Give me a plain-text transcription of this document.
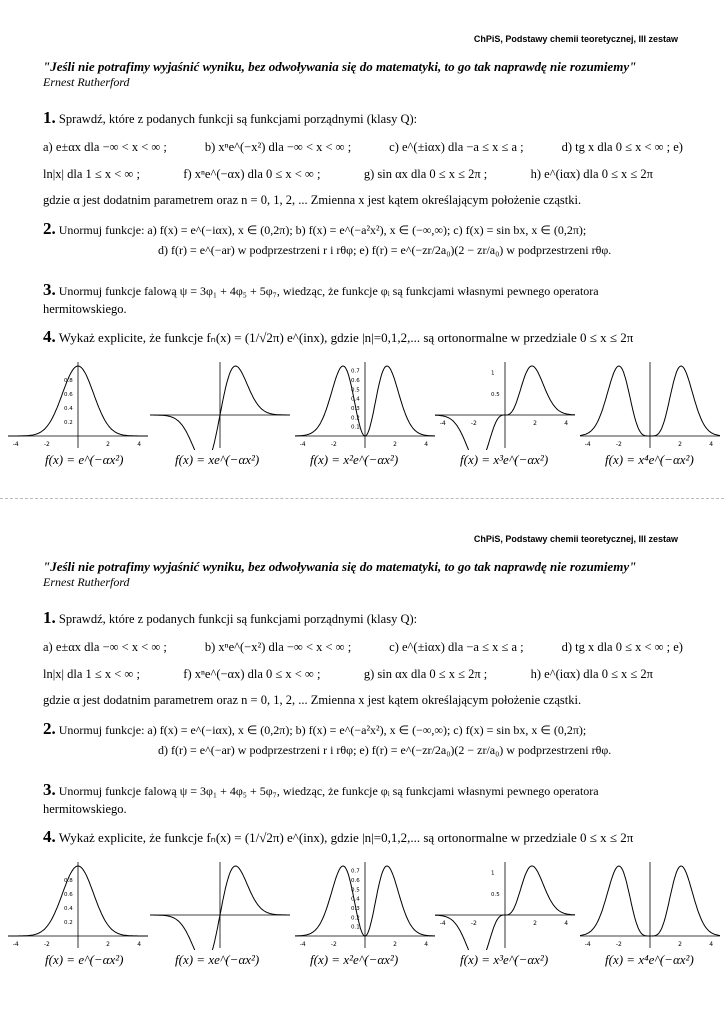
ChPiS, Podstawy chemii teoretycznej, III zestaw
"Jeśli nie potrafimy wyjaśnić wyniku, bez odwoływania się do matematyki, to go tak naprawdę nie rozumiemy"
Ernest Rutherford
1. Sprawdź, które z podanych funkcji są funkcjami porządnymi (klasy Q):
a) e±αx dla −∞ < x < ∞ ;	b) xⁿe^(−x²) dla −∞ < x < ∞ ;	c) e^(±iαx) dla −a ≤ x ≤ a ;	d) tg x dla 0 ≤ x < ∞ ; e)
ln|x| dla 1 ≤ x < ∞ ;	f) xⁿe^(−αx) dla 0 ≤ x < ∞ ;	g) sin αx dla 0 ≤ x ≤ 2π ;	h) e^(iαx) dla 0 ≤ x ≤ 2π
gdzie α jest dodatnim parametrem oraz n = 0, 1, 2, ... Zmienna x jest kątem określającym położenie cząstki.
2. Unormuj funkcje: a) f(x) = e^(−iαx), x ∈ (0,2π); b) f(x) = e^(−a²x²), x ∈ (−∞,∞); c) f(x) = sin bx, x ∈ (0,2π);
d) f(r) = e^(−ar) w podprzestrzeni r i rθφ; e) f(r) = e^(−zr/2a₀)(2 − zr/a₀) w podprzestrzeni rθφ.
3. Unormuj funkcje falową ψ = 3φ₁ + 4φ₅ + 5φ₇, wiedząc, że funkcje φᵢ są funkcjami własnymi pewnego operatora
hermitowskiego.
4. Wykaż explicite, że funkcje fₙ(x) = (1/√2π) e^(inx), gdzie |n|=0,1,2,... są ortonormalne w przedziale 0 ≤ x ≤ 2π
-4	-2	2	4
0.2
0.4
0.6
0.8
-4	-2	2	4
0.1
0.2
0.3
0.4
0.5
0.6
0.7
-4	-2	2	4
0.5
1
-4	-2	2	4
f(x) = e^(−αx²)	f(x) = xe^(−αx²)	f(x) = x²e^(−αx²)	f(x) = x³e^(−αx²)	f(x) = x⁴e^(−αx²)
ChPiS, Podstawy chemii teoretycznej, III zestaw
"Jeśli nie potrafimy wyjaśnić wyniku, bez odwoływania się do matematyki, to go tak naprawdę nie rozumiemy"
Ernest Rutherford
1. Sprawdź, które z podanych funkcji są funkcjami porządnymi (klasy Q):
a) e±αx dla −∞ < x < ∞ ;	b) xⁿe^(−x²) dla −∞ < x < ∞ ;	c) e^(±iαx) dla −a ≤ x ≤ a ;	d) tg x dla 0 ≤ x < ∞ ; e)
ln|x| dla 1 ≤ x < ∞ ;	f) xⁿe^(−αx) dla 0 ≤ x < ∞ ;	g) sin αx dla 0 ≤ x ≤ 2π ;	h) e^(iαx) dla 0 ≤ x ≤ 2π
gdzie α jest dodatnim parametrem oraz n = 0, 1, 2, ... Zmienna x jest kątem określającym położenie cząstki.
2. Unormuj funkcje: a) f(x) = e^(−iαx), x ∈ (0,2π); b) f(x) = e^(−a²x²), x ∈ (−∞,∞); c) f(x) = sin bx, x ∈ (0,2π);
d) f(r) = e^(−ar) w podprzestrzeni r i rθφ; e) f(r) = e^(−zr/2a₀)(2 − zr/a₀) w podprzestrzeni rθφ.
3. Unormuj funkcje falową ψ = 3φ₁ + 4φ₅ + 5φ₇, wiedząc, że funkcje φᵢ są funkcjami własnymi pewnego operatora
hermitowskiego.
4. Wykaż explicite, że funkcje fₙ(x) = (1/√2π) e^(inx), gdzie |n|=0,1,2,... są ortonormalne w przedziale 0 ≤ x ≤ 2π
-4	-2	2	4
0.2
0.4
0.6
0.8
-4	-2	2	4
0.1
0.2
0.3
0.4
0.5
0.6
0.7
-4	-2	2	4
0.5
1
-4	-2	2	4
f(x) = e^(−αx²)	f(x) = xe^(−αx²)	f(x) = x²e^(−αx²)	f(x) = x³e^(−αx²)	f(x) = x⁴e^(−αx²)
